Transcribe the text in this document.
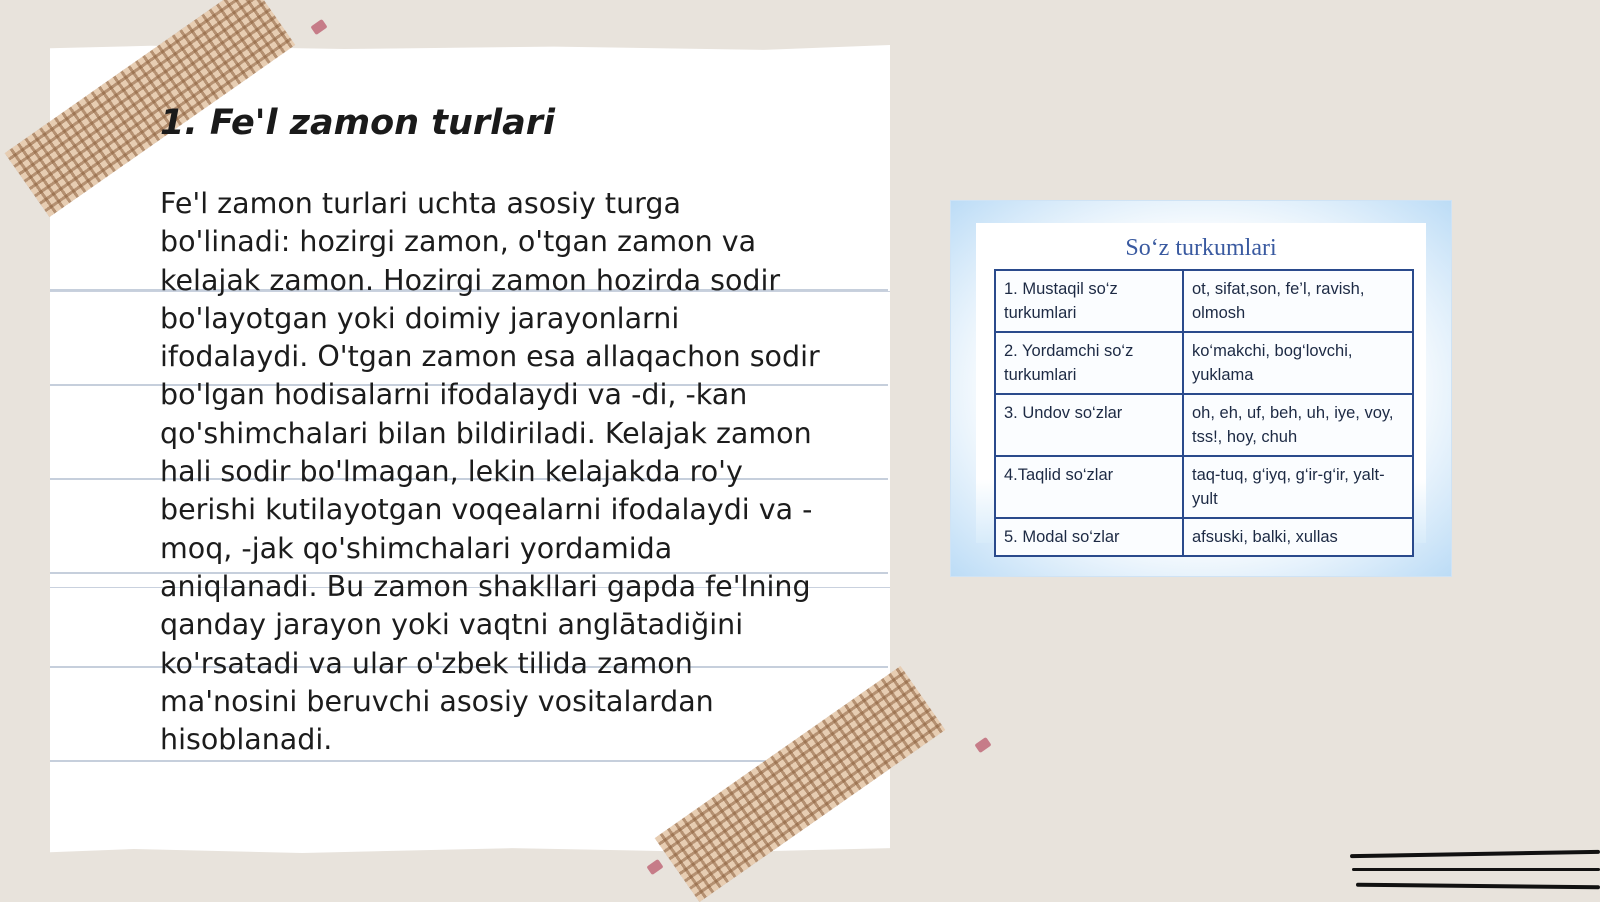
1. Fe'l zamon turlari

Fe'l zamon turlari uchta asosiy turga bo'linadi: hozirgi zamon, o'tgan zamon va kelajak zamon. Hozirgi zamon hozirda sodir bo'layotgan yoki doimiy jarayonlarni ifodalaydi. O'tgan zamon esa allaqachon sodir bo'lgan hodisalarni ifodalaydi va -di, -kan qo'shimchalari bilan bildiriladi. Kelajak zamon hali sodir bo'lmagan, lekin kelajakda ro'y berishi kutilayotgan voqealarni ifodalaydi va -moq, -jak qo'shimchalari yordamida aniqlanadi. Bu zamon shakllari gapda fe'lning qanday jarayon yoki vaqtni anglātadiğini ko'rsatadi va ular o'zbek tilida zamon ma'nosini beruvchi asosiy vositalardan hisoblanadi.

So‘z turkumlari
1. Mustaqil so‘z turkumlari	ot, sifat,son, fe’l, ravish, olmosh
2. Yordamchi so‘z turkumlari	ko‘makchi, bog‘lovchi, yuklama
3. Undov so‘zlar	oh, eh, uf, beh, uh, iye, voy, tss!, hoy, chuh
4.Taqlid so‘zlar	taq-tuq, g‘iyq, g‘ir-g‘ir, yalt-yult
5. Modal so‘zlar	afsuski, balki, xullas
